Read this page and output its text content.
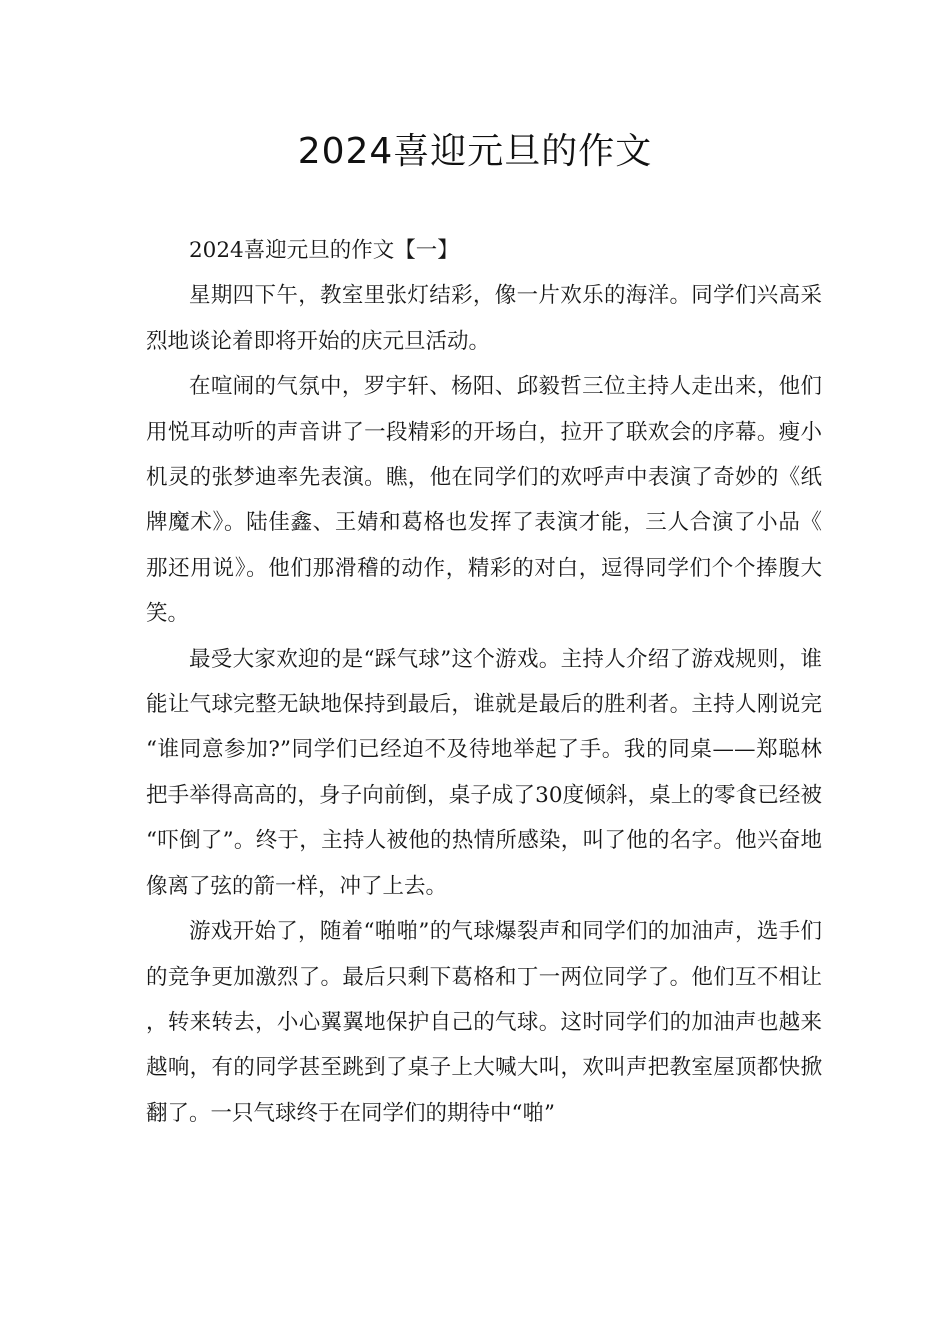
2024喜迎元旦的作文

2024喜迎元旦的作文【一】

星期四下午，教室里张灯结彩，像一片欢乐的海洋。同学们兴高采烈地谈论着即将开始的庆元旦活动。

在喧闹的气氛中，罗宇轩、杨阳、邱毅哲三位主持人走出来，他们用悦耳动听的声音讲了一段精彩的开场白，拉开了联欢会的序幕。瘦小机灵的张梦迪率先表演。瞧，他在同学们的欢呼声中表演了奇妙的《纸牌魔术》。陆佳鑫、王婧和葛格也发挥了表演才能，三人合演了小品《那还用说》。他们那滑稽的动作，精彩的对白，逗得同学们个个捧腹大笑。

最受大家欢迎的是“踩气球”这个游戏。主持人介绍了游戏规则，谁能让气球完整无缺地保持到最后，谁就是最后的胜利者。主持人刚说完“谁同意参加?”同学们已经迫不及待地举起了手。我的同桌——郑聪林把手举得高高的，身子向前倒，桌子成了30度倾斜，桌上的零食已经被“吓倒了”。终于，主持人被他的热情所感染，叫了他的名字。他兴奋地像离了弦的箭一样，冲了上去。

游戏开始了，随着“啪啪”的气球爆裂声和同学们的加油声，选手们的竞争更加激烈了。最后只剩下葛格和丁一两位同学了。他们互不相让，转来转去，小心翼翼地保护自己的气球。这时同学们的加油声也越来越响，有的同学甚至跳到了桌子上大喊大叫，欢叫声把教室屋顶都快掀翻了。一只气球终于在同学们的期待中“啪”
